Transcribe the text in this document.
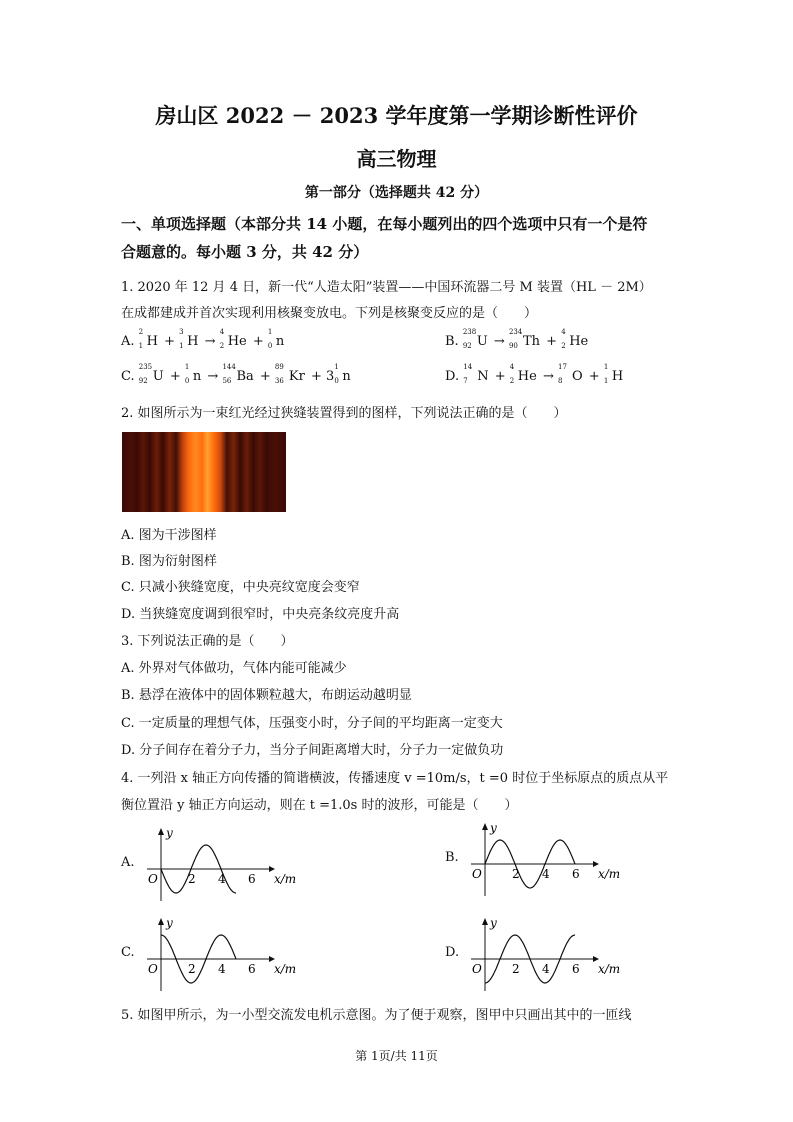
房山区 2022 － 2023 学年度第一学期诊断性评价
高三物理
第一部分（选择题共 42 分）
一、单项选择题（本部分共 14 小题，在每小题列出的四个选项中只有一个是符
合题意的。每小题 3 分，共 42 分）
1. 2020 年 12 月 4 日，新一代“人造太阳”装置——中国环流器二号 M 装置（HL － 2M）
在成都建成并首次实现利用核聚变放电。下列是核聚变反应的是（　　）
A.
2
1 H +
3
1 H →
4
2 He +
1
0 n	B.
238
92 U →
234
90 Th +
4
2 He
C.
235
92 U +
1
0 n →
144
56 Ba +
89
36 Kr + 3
1
0 n	D.
14
7 N +
4
2 He →
17
8 O +
1
1 H
2. 如图所示为一束红光经过狭缝装置得到的图样，下列说法正确的是（　　）
A. 图为干涉图样
B. 图为衍射图样
C. 只减小狭缝宽度，中央亮纹宽度会变窄
D. 当狭缝宽度调到很窄时，中央亮条纹亮度升高
3. 下列说法正确的是（　　）
A. 外界对气体做功，气体内能可能减少
B. 悬浮在液体中的固体颗粒越大，布朗运动越明显
C. 一定质量的理想气体，压强变小时，分子间的平均距离一定变大
D. 分子间存在着分子力，当分子间距离增大时，分子力一定做负功
4. 一列沿 x 轴正方向传播的简谐横波，传播速度 v =10m/s，t =0 时位于坐标原点的质点从平
衡位置沿 y 轴正方向运动，则在 t =1.0s 时的波形，可能是（　　）
A.
O
y
2 4 6 x/m
B.
O
y
2 4 6 x/m
C.
O
y
2 4 6 x/m
D.
O
y
2 4 6 x/m
5. 如图甲所示，为一小型交流发电机示意图。为了便于观察，图甲中只画出其中的一匝线
第 1页/共 11页
